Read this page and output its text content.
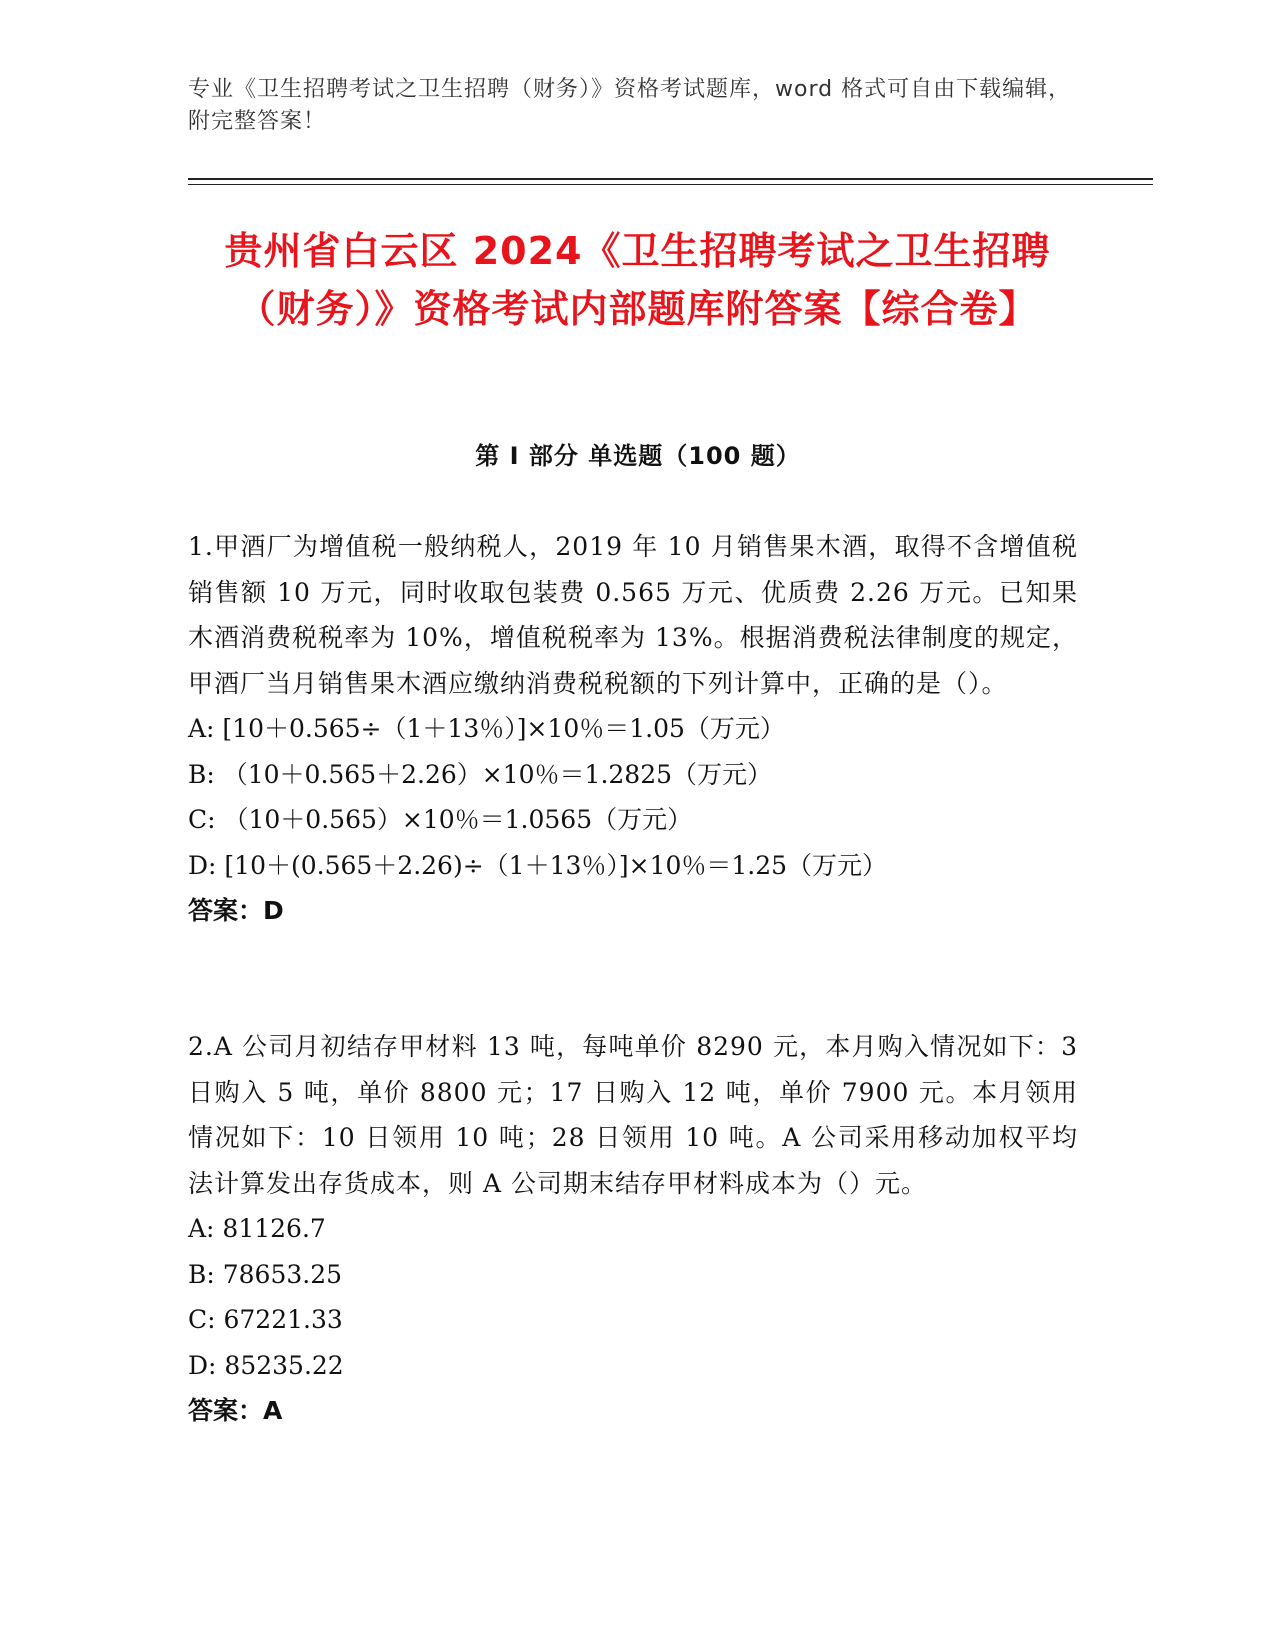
专业《卫生招聘考试之卫生招聘（财务）》资格考试题库，word 格式可自由下载编辑，附完整答案！
贵州省白云区 2024《卫生招聘考试之卫生招聘（财务）》资格考试内部题库附答案【综合卷】
第 I 部分 单选题（100 题）

1.甲酒厂为增值税一般纳税人，2019 年 10 月销售果木酒，取得不含增值税销售额 10 万元，同时收取包装费 0.565 万元、优质费 2.26 万元。已知果木酒消费税税率为 10%，增值税税率为 13%。根据消费税法律制度的规定，甲酒厂当月销售果木酒应缴纳消费税税额的下列计算中，正确的是（）。

A: [10＋0.565÷（1＋13％）]×10％＝1.05（万元）

B: （10＋0.565＋2.26）×10％＝1.2825（万元）

C: （10＋0.565）×10％＝1.0565（万元）

D: [10＋(0.565＋2.26)÷（1＋13％）]×10％＝1.25（万元）

答案：D

2.A 公司月初结存甲材料 13 吨，每吨单价 8290 元，本月购入情况如下：3 日购入 5 吨，单价 8800 元；17 日购入 12 吨，单价 7900 元。本月领用情况如下：10 日领用 10 吨；28 日领用 10 吨。A 公司采用移动加权平均法计算发出存货成本，则 A 公司期末结存甲材料成本为（）元。

A: 81126.7

B: 78653.25

C: 67221.33

D: 85235.22

答案：A
